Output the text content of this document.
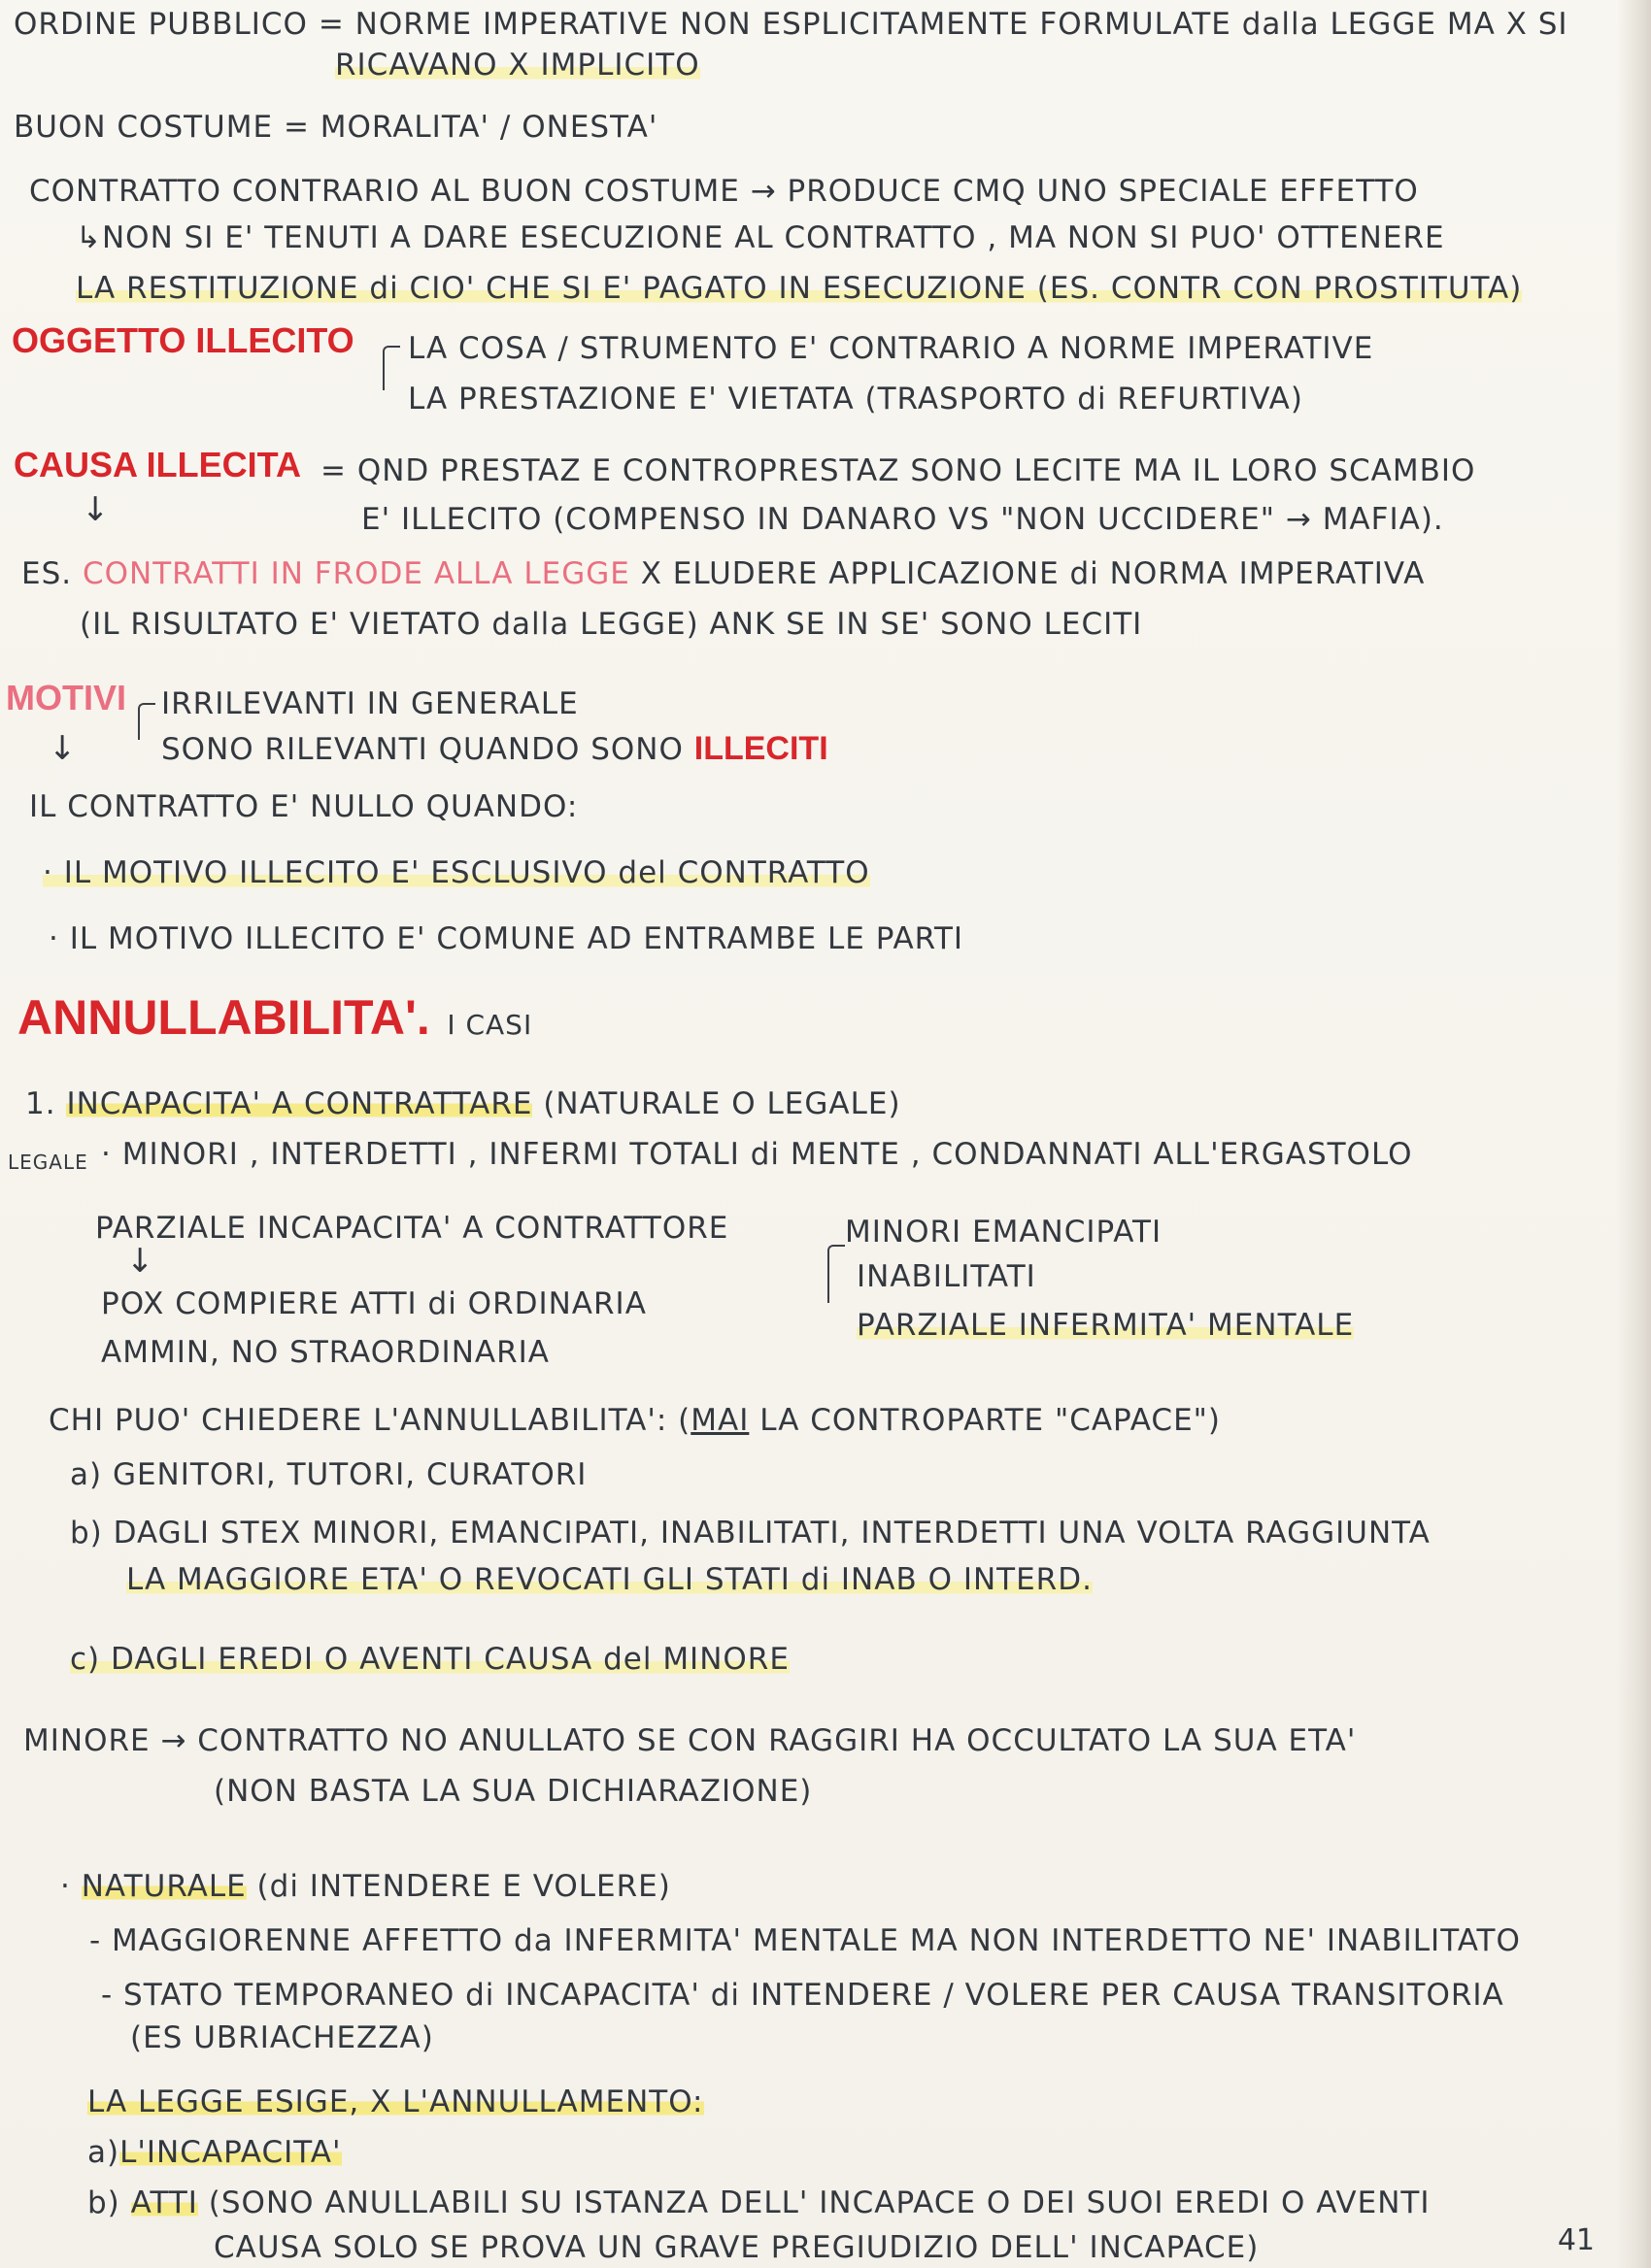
ORDINE PUBBLICO = NORME IMPERATIVE NON ESPLICITAMENTE FORMULATE dalla LEGGE MA X SI
RICAVANO X IMPLICITO
BUON COSTUME = MORALITA' / ONESTA'
CONTRATTO CONTRARIO AL BUON COSTUME → PRODUCE CMQ UNO SPECIALE EFFETTO
↳NON SI E' TENUTI A DARE ESECUZIONE AL CONTRATTO , MA NON SI PUO' OTTENERE
LA RESTITUZIONE di CIO' CHE SI E' PAGATO IN ESECUZIONE (ES. CONTR CON PROSTITUTA)
OGGETTO ILLECITO LA COSA / STRUMENTO E' CONTRARIO A NORME IMPERATIVE
LA PRESTAZIONE E' VIETATA (TRASPORTO di REFURTIVA)
CAUSA ILLECITA = QND PRESTAZ E CONTROPRESTAZ SONO LECITE MA IL LORO SCAMBIO
↓	E' ILLECITO (COMPENSO IN DANARO VS "NON UCCIDERE" → MAFIA).
ES. CONTRATTI IN FRODE ALLA LEGGE X ELUDERE APPLICAZIONE di NORMA IMPERATIVA
(IL RISULTATO E' VIETATO dalla LEGGE) ANK SE IN SE' SONO LECITI
MOTIVI IRRILEVANTI IN GENERALE
SONO RILEVANTI QUANDO SONO ILLECITI
↓
IL CONTRATTO E' NULLO QUANDO:
· IL MOTIVO ILLECITO E' ESCLUSIVO del CONTRATTO
· IL MOTIVO ILLECITO E' COMUNE AD ENTRAMBE LE PARTI
ANNULLABILITA'. I CASI
1. INCAPACITA' A CONTRATTARE (NATURALE O LEGALE)
LEGALE · MINORI , INTERDETTI , INFERMI TOTALI di MENTE , CONDANNATI ALL'ERGASTOLO
PARZIALE INCAPACITA' A CONTRATTORE
↓
MINORI EMANCIPATI
INABILITATI
PARZIALE INFERMITA' MENTALE
POX COMPIERE ATTI di ORDINARIA
AMMIN, NO STRAORDINARIA
CHI PUO' CHIEDERE L'ANNULLABILITA': (MAI LA CONTROPARTE "CAPACE")
a) GENITORI, TUTORI, CURATORI
b) DAGLI STEX MINORI, EMANCIPATI, INABILITATI, INTERDETTI UNA VOLTA RAGGIUNTA
LA MAGGIORE ETA' O REVOCATI GLI STATI di INAB O INTERD.
c) DAGLI EREDI O AVENTI CAUSA del MINORE
MINORE → CONTRATTO NO ANULLATO SE CON RAGGIRI HA OCCULTATO LA SUA ETA'
(NON BASTA LA SUA DICHIARAZIONE)
· NATURALE (di INTENDERE E VOLERE)
- MAGGIORENNE AFFETTO da INFERMITA' MENTALE MA NON INTERDETTO NE' INABILITATO
- STATO TEMPORANEO di INCAPACITA' di INTENDERE / VOLERE PER CAUSA TRANSITORIA
(ES UBRIACHEZZA)
LA LEGGE ESIGE, X L'ANNULLAMENTO:
a)L'INCAPACITA'
b) ATTI (SONO ANULLABILI SU ISTANZA DELL' INCAPACE O DEI SUOI EREDI O AVENTI
CAUSA SOLO SE PROVA UN GRAVE PREGIUDIZIO DELL' INCAPACE)	41
